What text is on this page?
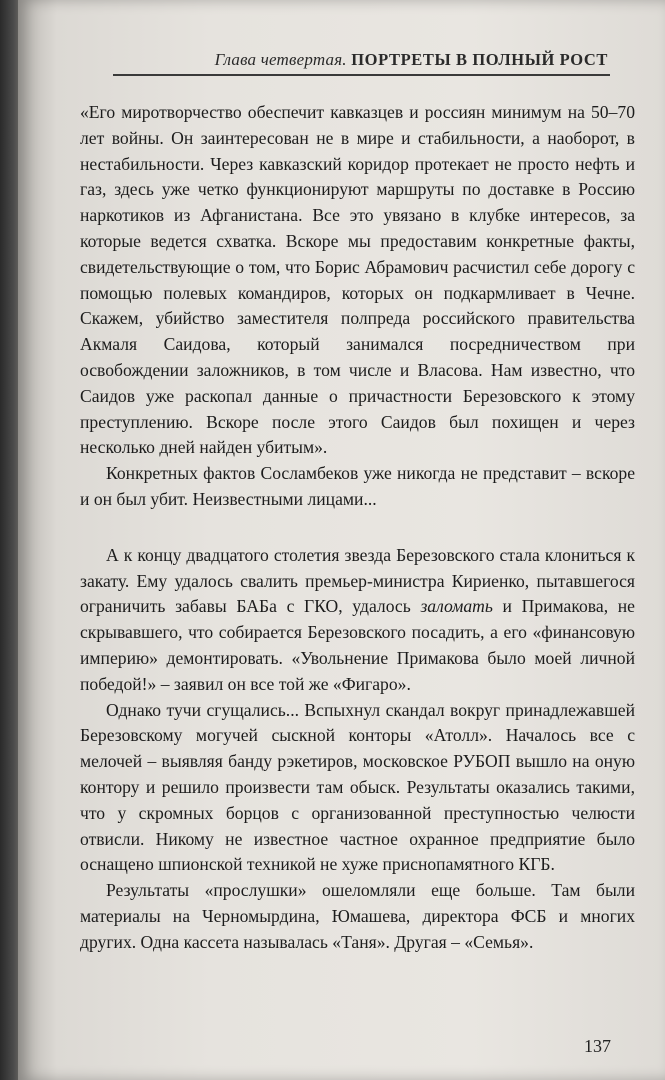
Глава четвертая. ПОРТРЕТЫ В ПОЛНЫЙ РОСТ

«Его миротворчество обеспечит кавказцев и россиян минимум на 50–70 лет войны. Он заинтересован не в мире и стабильности, а наоборот, в нестабильности. Через кавказский коридор протекает не просто нефть и газ, здесь уже четко функционируют маршруты по доставке в Россию наркотиков из Афганистана. Все это увязано в клубке интересов, за которые ведется схватка. Вскоре мы предоставим конкретные факты, свидетельствующие о том, что Борис Абрамович расчистил себе дорогу с помощью полевых командиров, которых он подкармливает в Чечне. Скажем, убийство заместителя полпреда российского правительства Акмаля Саидова, который занимался посредничеством при освобождении заложников, в том числе и Власова. Нам известно, что Саидов уже раскопал данные о причастности Березовского к этому преступлению. Вскоре после этого Саидов был похищен и через несколько дней найден убитым».

Конкретных фактов Сосламбеков уже никогда не представит – вскоре и он был убит. Неизвестными лицами...

А к концу двадцатого столетия звезда Березовского стала клониться к закату. Ему удалось свалить премьер-министра Кириенко, пытавшегося ограничить забавы БАБа с ГКО, удалось заломать и Примакова, не скрывавшего, что собирается Березовского посадить, а его «финансовую империю» демонтировать. «Увольнение Примакова было моей личной победой!» – заявил он все той же «Фигаро».

Однако тучи сгущались... Вспыхнул скандал вокруг принадлежавшей Березовскому могучей сыскной конторы «Атолл». Началось все с мелочей – выявляя банду рэкетиров, московское РУБОП вышло на оную контору и решило произвести там обыск. Результаты оказались такими, что у скромных борцов с организованной преступностью челюсти отвисли. Никому не известное частное охранное предприятие было оснащено шпионской техникой не хуже приснопамятного КГБ.

Результаты «прослушки» ошеломляли еще больше. Там были материалы на Черномырдина, Юмашева, директора ФСБ и многих других. Одна кассета называлась «Таня». Другая – «Семья».

137
